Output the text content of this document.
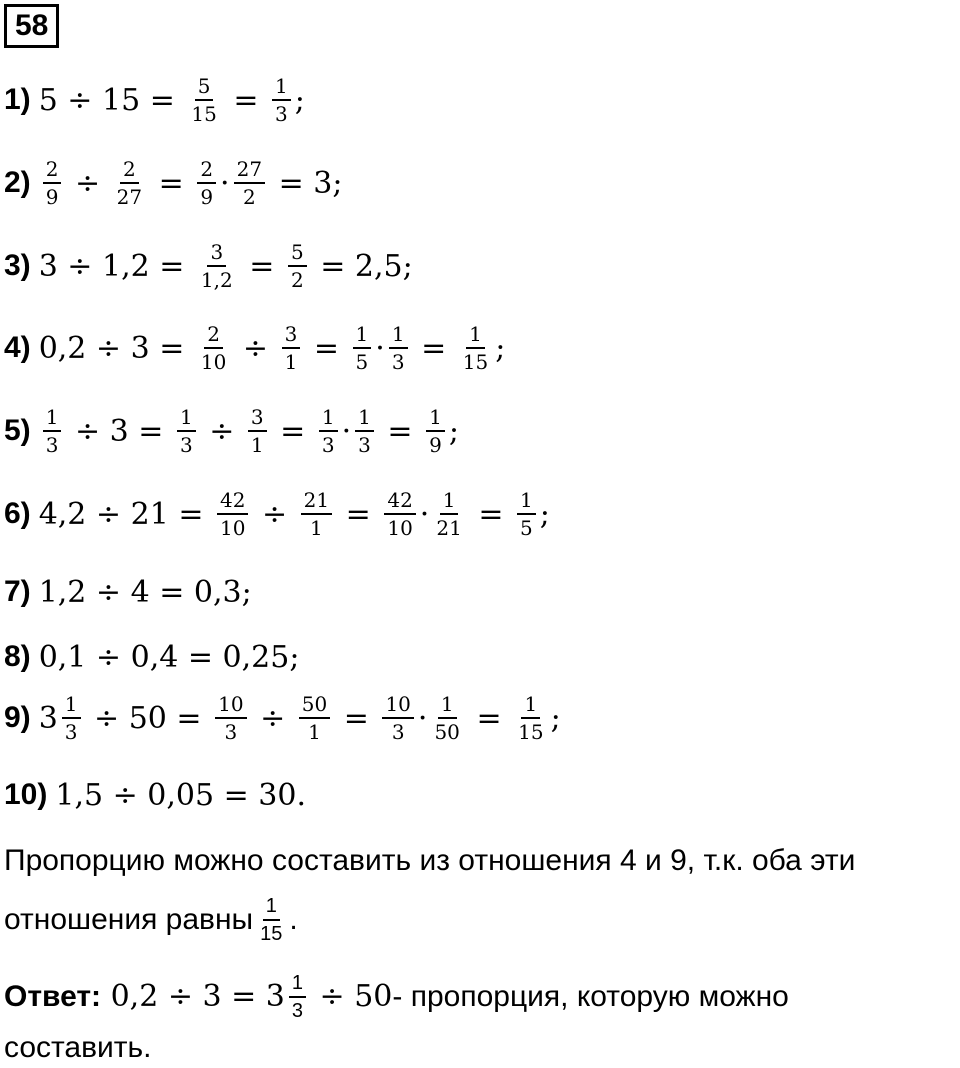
58
1) $5 \div 15 = \frac{5}{15} = \frac{1}{3}$ ;
$2) \frac{2}{9} \div \frac{2}{27} = \frac{2}{9} \cdot \frac{27}{2} = 3$;
3) $3 \div 1,2 = \frac{3}{1,2} = \frac{5}{2} = 2,5$;
4) $0,2 \div 3 = \frac{2}{10} \div \frac{3}{1} = \frac{1}{5} \cdot \frac{1}{3} = \frac{1}{15}$ ;
$5) \frac{1}{3} \div 3 = \frac{1}{3} \div \frac{3}{1} = \frac{1}{3} \cdot \frac{1}{3} = \frac{1}{9}$ ;
6) $4,2 \div 21 = \frac{42}{10} \div \frac{21}{1} = \frac{42}{10} \cdot \frac{1}{21} = \frac{1}{5}$ ;
7) 1,2 ÷ 4 = 0,3;
8) 0,1 ÷ 0,4 = 0,25;
9) $3 \frac{1}{3} \div 50 = \frac{10}{3} \div \frac{50}{1} = \frac{10}{3} \cdot \frac{1}{50} = \frac{1}{15}$ ;
10) 1,5 ÷ 0,05 = 30.
Пропорцию можно составить из отношения 4 и 9, т.к. оба эти
отношения равны $\frac{1}{15}$ .
Ответ: $0,2 \div 3 = 3 \frac{1}{3} \div 50$ - пропорция, которую можно
составить.
